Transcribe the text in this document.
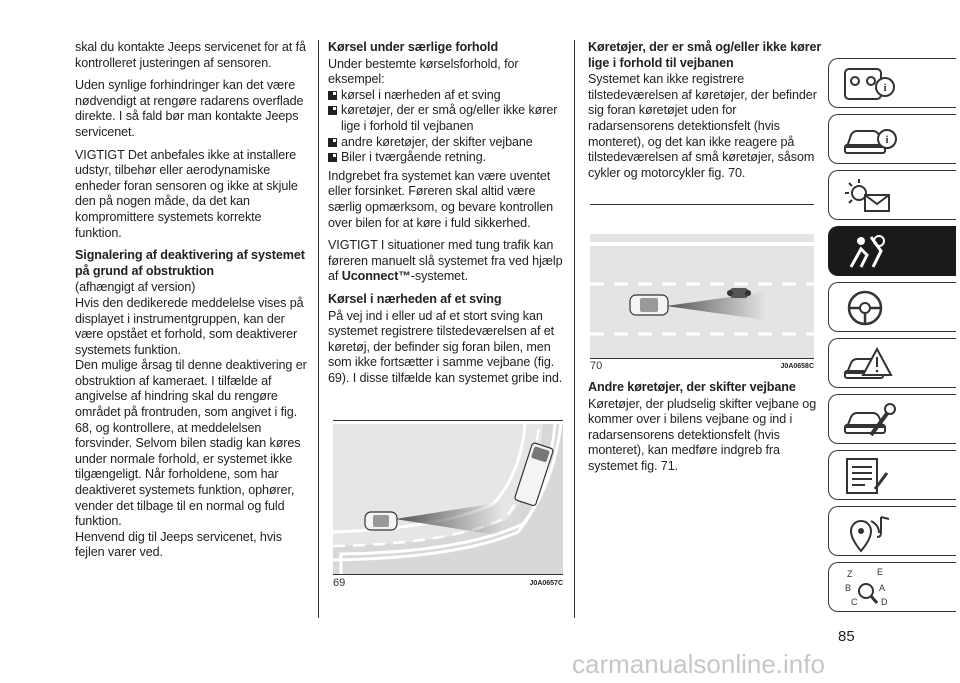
skal du kontakte Jeeps servicenet for at få kontrolleret justeringen af sensoren.

Uden synlige forhindringer kan det være nødvendigt at rengøre radarens overflade direkte. I så fald bør man kontakte Jeeps servicenet.

VIGTIGT Det anbefales ikke at installere udstyr, tilbehør eller aerodynamiske enheder foran sensoren og ikke at skjule den på nogen måde, da det kan kompromittere systemets korrekte funktion.

Signalering af deaktivering af systemet på grund af obstruktion

(afhængigt af version)

Hvis den dedikerede meddelelse vises på displayet i instrumentgruppen, kan der være opstået et forhold, som deaktiverer systemets funktion.

Den mulige årsag til denne deaktivering er obstruktion af kameraet. I tilfælde af angivelse af hindring skal du rengøre området på frontruden, som angivet i fig. 68, og kontrollere, at meddelelsen forsvinder. Selvom bilen stadig kan køres under normale forhold, er systemet ikke tilgængeligt. Når forholdene, som har deaktiveret systemets funktion, ophører, vender det tilbage til en normal og fuld funktion.

Henvend dig til Jeeps servicenet, hvis fejlen varer ved.

Kørsel under særlige forhold

Under bestemte kørselsforhold, for eksempel:

kørsel i nærheden af et sving
køretøjer, der er små og/eller ikke kører lige i forhold til vejbanen
andre køretøjer, der skifter vejbane
Biler i tværgående retning.

Indgrebet fra systemet kan være uventet eller forsinket. Føreren skal altid være særlig opmærksom, og bevare kontrollen over bilen for at køre i fuld sikkerhed.

VIGTIGT I situationer med tung trafik kan føreren manuelt slå systemet fra ved hjælp af Uconnect™-systemet.

Kørsel i nærheden af et sving

På vej ind i eller ud af et stort sving kan systemet registrere tilstedeværelsen af et køretøj, der befinder sig foran bilen, men som ikke fortsætter i samme vejbane (fig. 69). I disse tilfælde kan systemet gribe ind.

69	J0A0657C
Køretøjer, der er små og/eller ikke kører lige i forhold til vejbanen

Systemet kan ikke registrere tilstedeværelsen af køretøjer, der befinder sig foran køretøjet uden for radarsensorens detektionsfelt (hvis monteret), og det kan ikke reagere på tilstedeværelsen af små køretøjer, såsom cykler og motorcykler fig. 70.

70	J0A0658C
Andre køretøjer, der skifter vejbane

Køretøjer, der pludselig skifter vejbane og kommer over i bilens vejbane og ind i radarsensorens detektionsfelt (hvis monteret), kan medføre indgreb fra systemet fig. 71.

i
i
Z	E
B	A
C	D
85
carmanualsonline.info
